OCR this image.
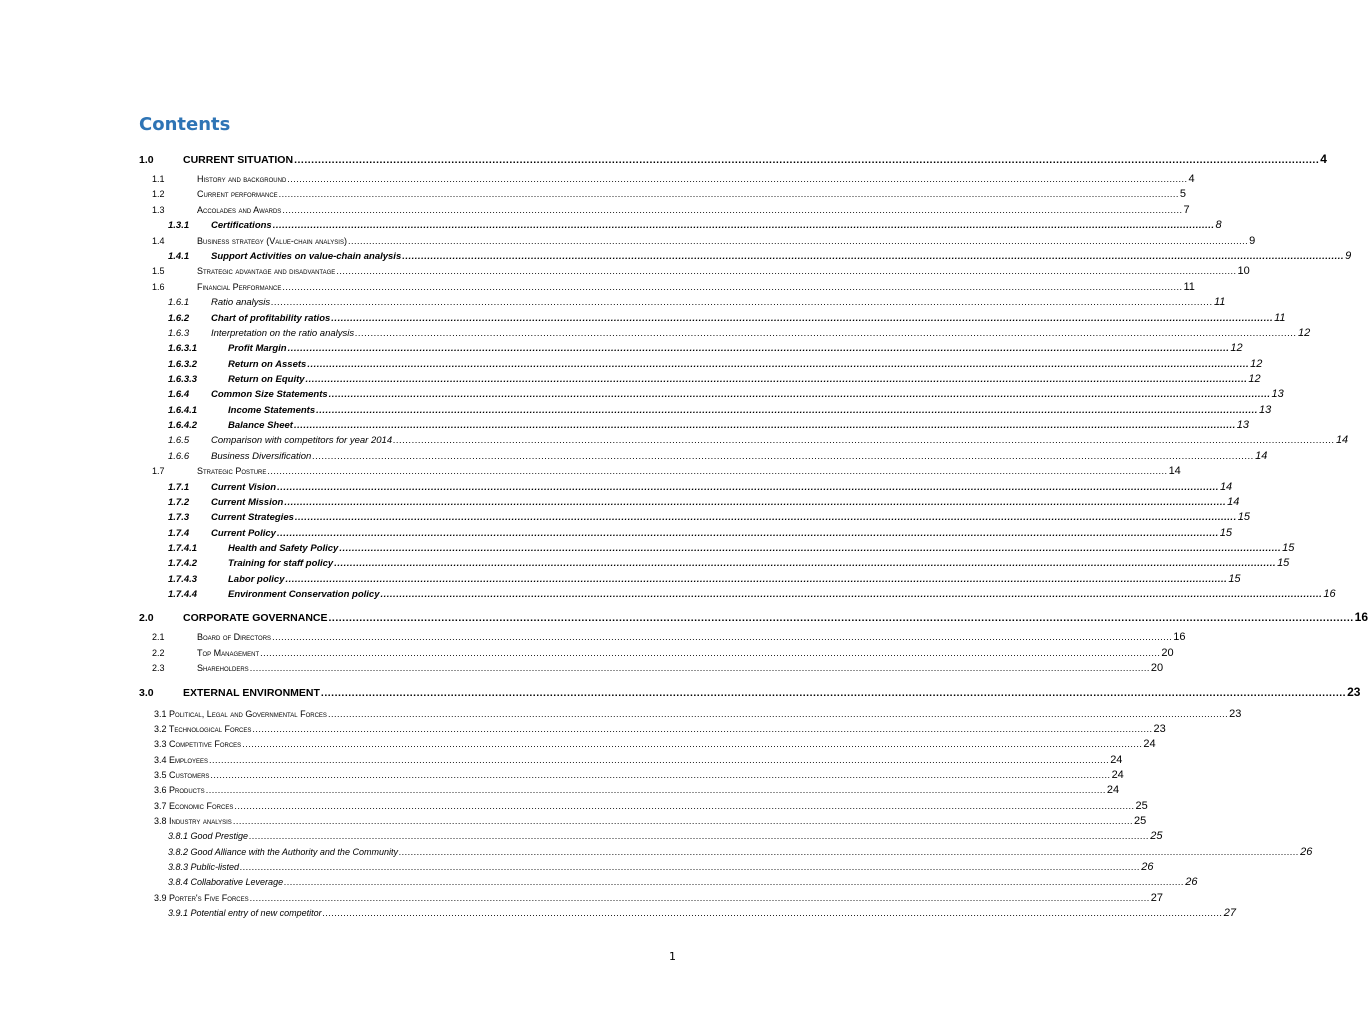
Contents
1.0	CURRENT SITUATION ............................................................................................................................................................................................................................................................................................................ 4
1.1	History and background ............................................................................................................................................................................................................................................................................................................ 4
1.2	Current performance ............................................................................................................................................................................................................................................................................................................ 5
1.3	Accolades and Awards ............................................................................................................................................................................................................................................................................................................ 7
1.3.1	Certifications ............................................................................................................................................................................................................................................................................................................ 8
1.4	Business strategy (Value-chain analysis) ............................................................................................................................................................................................................................................................................................................ 9
1.4.1	Support Activities on value-chain analysis ............................................................................................................................................................................................................................................................................................................ 9
1.5	Strategic advantage and disadvantage ............................................................................................................................................................................................................................................................................................................ 10
1.6	Financial Performance ............................................................................................................................................................................................................................................................................................................ 11
1.6.1	Ratio analysis ............................................................................................................................................................................................................................................................................................................ 11
1.6.2	Chart of profitability ratios ............................................................................................................................................................................................................................................................................................................ 11
1.6.3	Interpretation on the ratio analysis ............................................................................................................................................................................................................................................................................................................ 12
1.6.3.1	Profit Margin ............................................................................................................................................................................................................................................................................................................ 12
1.6.3.2	Return on Assets ............................................................................................................................................................................................................................................................................................................ 12
1.6.3.3	Return on Equity ............................................................................................................................................................................................................................................................................................................ 12
1.6.4	Common Size Statements ............................................................................................................................................................................................................................................................................................................ 13
1.6.4.1	Income Statements ............................................................................................................................................................................................................................................................................................................ 13
1.6.4.2	Balance Sheet ............................................................................................................................................................................................................................................................................................................ 13
1.6.5	Comparison with competitors for year 2014 ............................................................................................................................................................................................................................................................................................................ 14
1.6.6	Business Diversification ............................................................................................................................................................................................................................................................................................................ 14
1.7	Strategic Posture ............................................................................................................................................................................................................................................................................................................ 14
1.7.1	Current Vision ............................................................................................................................................................................................................................................................................................................ 14
1.7.2	Current Mission ............................................................................................................................................................................................................................................................................................................ 14
1.7.3	Current Strategies ............................................................................................................................................................................................................................................................................................................ 15
1.7.4	Current Policy ............................................................................................................................................................................................................................................................................................................ 15
1.7.4.1	Health and Safety Policy ............................................................................................................................................................................................................................................................................................................ 15
1.7.4.2	Training for staff policy ............................................................................................................................................................................................................................................................................................................ 15
1.7.4.3	Labor policy ............................................................................................................................................................................................................................................................................................................ 15
1.7.4.4	Environment Conservation policy ............................................................................................................................................................................................................................................................................................................ 16
2.0	CORPORATE GOVERNANCE ............................................................................................................................................................................................................................................................................................................ 16
2.1	Board of Directors ............................................................................................................................................................................................................................................................................................................ 16
2.2	Top Management ............................................................................................................................................................................................................................................................................................................ 20
2.3	Shareholders ............................................................................................................................................................................................................................................................................................................ 20
3.0	EXTERNAL ENVIRONMENT ............................................................................................................................................................................................................................................................................................................ 23
3.1 Political, Legal and Governmental Forces ............................................................................................................................................................................................................................................................................................................ 23
3.2 Technological Forces ............................................................................................................................................................................................................................................................................................................ 23
3.3 Competitive Forces ............................................................................................................................................................................................................................................................................................................ 24
3.4 Employees ............................................................................................................................................................................................................................................................................................................ 24
3.5 Customers ............................................................................................................................................................................................................................................................................................................ 24
3.6 Products ............................................................................................................................................................................................................................................................................................................ 24
3.7 Economic Forces ............................................................................................................................................................................................................................................................................................................ 25
3.8 Industry analysis ............................................................................................................................................................................................................................................................................................................ 25
3.8.1 Good Prestige ............................................................................................................................................................................................................................................................................................................ 25
3.8.2 Good Alliance with the Authority and the Community ............................................................................................................................................................................................................................................................................................................ 26
3.8.3 Public-listed ............................................................................................................................................................................................................................................................................................................ 26
3.8.4 Collaborative Leverage ............................................................................................................................................................................................................................................................................................................ 26
3.9 Porter's Five Forces ............................................................................................................................................................................................................................................................................................................ 27
3.9.1 Potential entry of new competitor ............................................................................................................................................................................................................................................................................................................ 27
1
